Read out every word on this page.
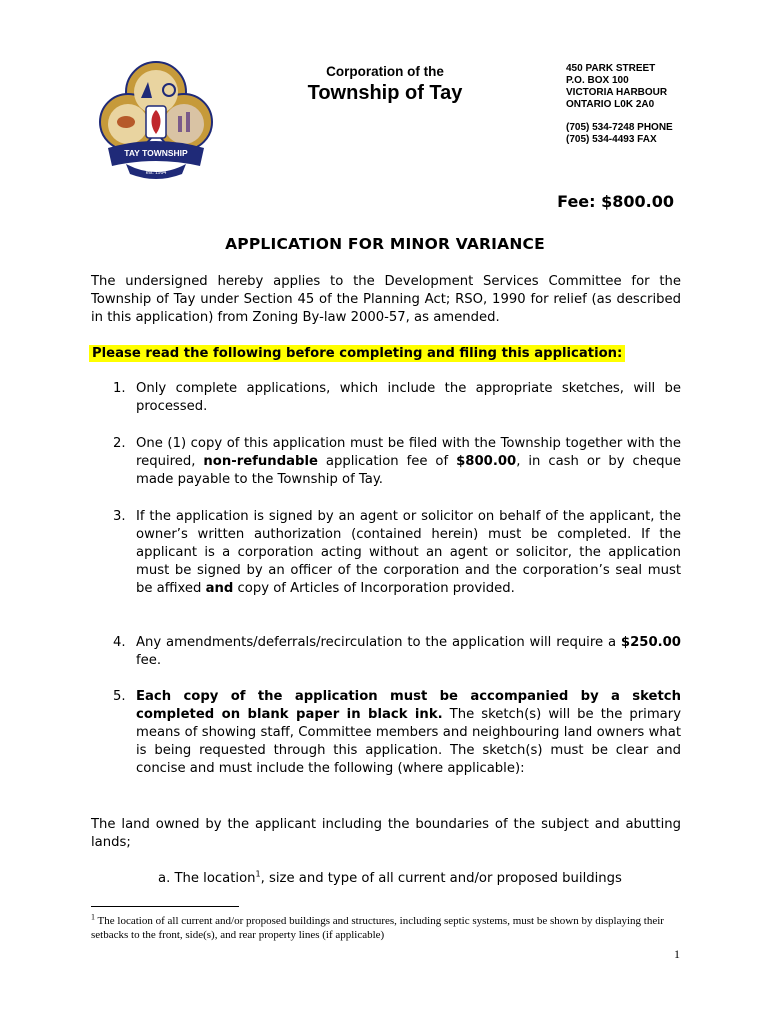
TAY TOWNSHIP
est. 1994
Corporation of the
Township of Tay
450 PARK STREET
P.O. BOX 100
VICTORIA HARBOUR
ONTARIO L0K 2A0
(705) 534-7248 PHONE
(705) 534-4493 FAX
Fee: $800.00
APPLICATION FOR MINOR VARIANCE
The undersigned hereby applies to the Development Services Committee for the Township of Tay under Section 45 of the Planning Act; RSO, 1990 for relief (as described in this application) from Zoning By-law 2000-57, as amended.
Please read the following before completing and filing this application:
1. Only complete applications, which include the appropriate sketches, will be processed.
2. One (1) copy of this application must be filed with the Township together with the required, non-refundable application fee of $800.00, in cash or by cheque made payable to the Township of Tay.
3. If the application is signed by an agent or solicitor on behalf of the applicant, the owner’s written authorization (contained herein) must be completed. If the applicant is a corporation acting without an agent or solicitor, the application must be signed by an officer of the corporation and the corporation’s seal must be affixed and copy of Articles of Incorporation provided.
4. Any amendments/deferrals/recirculation to the application will require a $250.00 fee.
5. Each copy of the application must be accompanied by a sketch completed on blank paper in black ink. The sketch(s) will be the primary means of showing staff, Committee members and neighbouring land owners what is being requested through this application. The sketch(s) must be clear and concise and must include the following (where applicable):
The land owned by the applicant including the boundaries of the subject and abutting lands;
a. The location$^1$, size and type of all current and/or proposed buildings
$^1$ The location of all current and/or proposed buildings and structures, including septic systems, must be shown by displaying their setbacks to the front, side(s), and rear property lines (if applicable)
1
